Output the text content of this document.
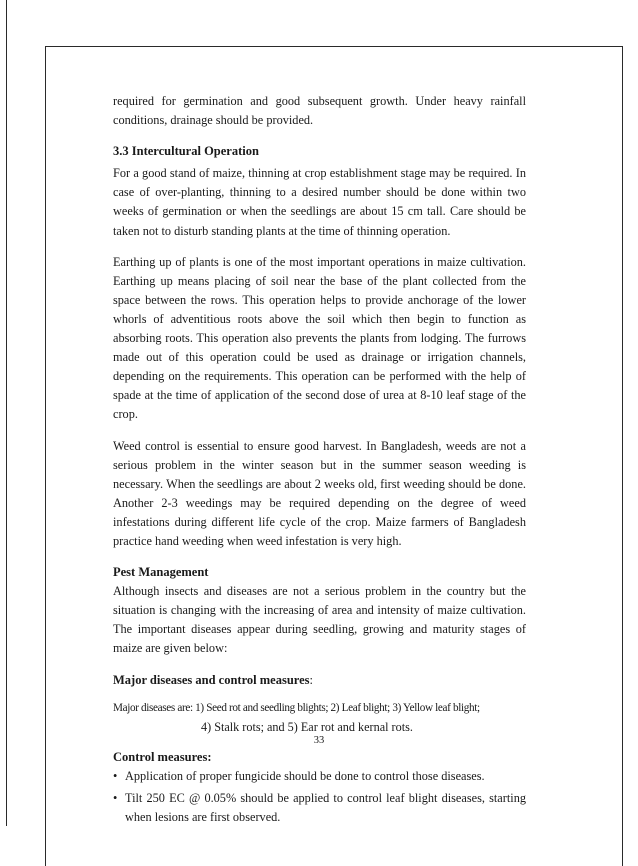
required for germination and good subsequent growth. Under heavy rainfall conditions, drainage should be provided.

3.3 Intercultural Operation

For a good stand of maize, thinning at crop establishment stage may be required. In case of over-planting, thinning to a desired number should be done within two weeks of germination or when the seedlings are about 15 cm tall. Care should be taken not to disturb standing plants at the time of thinning operation.

Earthing up of plants is one of the most important operations in maize cultivation. Earthing up means placing of soil near the base of the plant collected from the space between the rows. This operation helps to provide anchorage of the lower whorls of adventitious roots above the soil which then begin to function as absorbing roots. This operation also prevents the plants from lodging. The furrows made out of this operation could be used as drainage or irrigation channels, depending on the requirements. This operation can be performed with the help of spade at the time of application of the second dose of urea at 8-10 leaf stage of the crop.

Weed control is essential to ensure good harvest. In Bangladesh, weeds are not a serious problem in the winter season but in the summer season weeding is necessary. When the seedlings are about 2 weeks old, first weeding should be done. Another 2-3 weedings may be required depending on the degree of weed infestations during different life cycle of the crop. Maize farmers of Bangladesh practice hand weeding when weed infestation is very high.

Pest Management

Although insects and diseases are not a serious problem in the country but the situation is changing with the increasing of area and intensity of maize cultivation. The important diseases appear during seedling, growing and maturity stages of maize are given below:

Major diseases and control measures:

Major diseases are: 1) Seed rot and seedling blights; 2) Leaf blight; 3) Yellow leaf blight;

4) Stalk rots; and 5) Ear rot and kernal rots.

Control measures:

• Application of proper fungicide should be done to control those diseases.
• Tilt 250 EC @ 0.05% should be applied to control leaf blight diseases, starting when lesions are first observed.
33
